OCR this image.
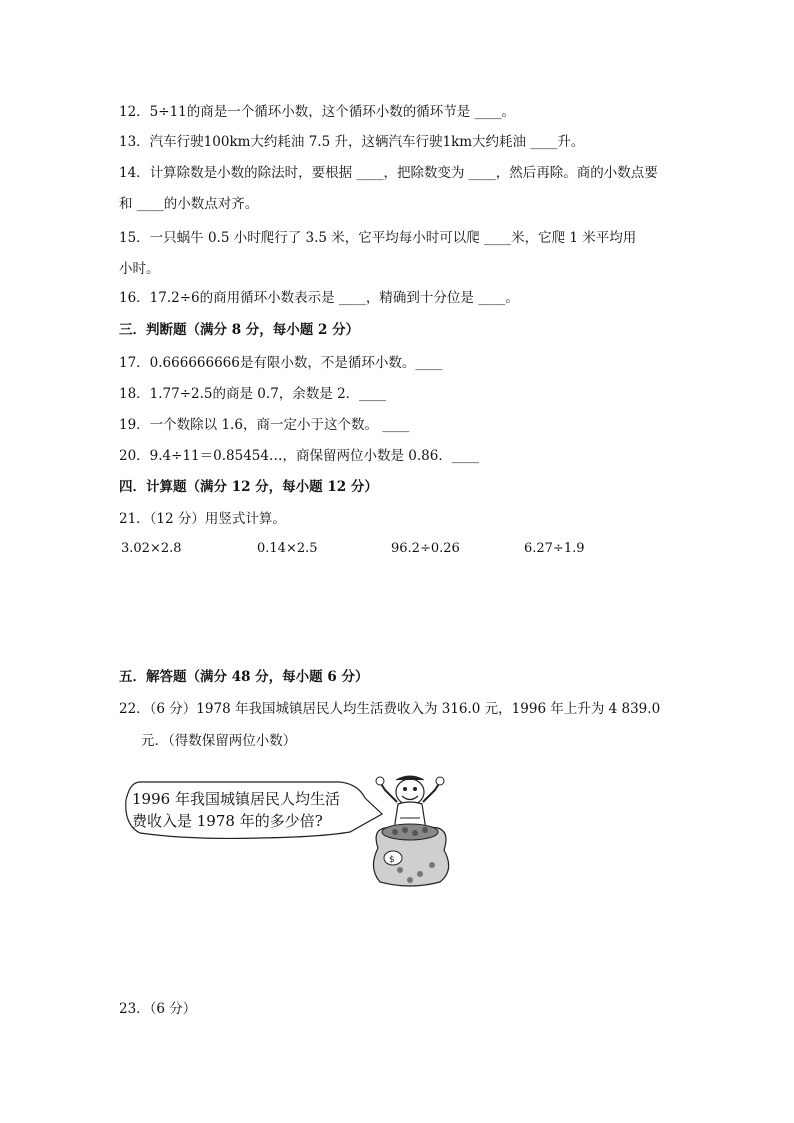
12．5÷11的商是一个循环小数，这个循环小数的循环节是 ____。
13．汽车行驶100km大约耗油 7.5 升，这辆汽车行驶1km大约耗油 ____升。
14．计算除数是小数的除法时，要根据 ____，把除数变为 ____，然后再除。商的小数点要
和 ____的小数点对齐。
15．一只蜗牛 0.5 小时爬行了 3.5 米，它平均每小时可以爬 ____米，它爬 1 米平均用
小时。
16．17.2÷6的商用循环小数表示是 ____，精确到十分位是 ____。
三．判断题（满分 8 分，每小题 2 分）
17．0.666666666是有限小数，不是循环小数。____
18．1.77÷2.5的商是 0.7，余数是 2．____
19．一个数除以 1.6，商一定小于这个数。 ____
20．9.4÷11＝0.85454…，商保留两位小数是 0.86．____
四．计算题（满分 12 分，每小题 12 分）
21．（12 分）用竖式计算。
3.02×2.8	0.14×2.5	96.2÷0.26	6.27÷1.9
五．解答题（满分 48 分，每小题 6 分）
22．（6 分）1978 年我国城镇居民人均生活费收入为 316.0 元，1996 年上升为 4 839.0
元．（得数保留两位小数）
$
1996 年我国城镇居民人均生活
费收入是 1978 年的多少倍?
23．（6 分）
